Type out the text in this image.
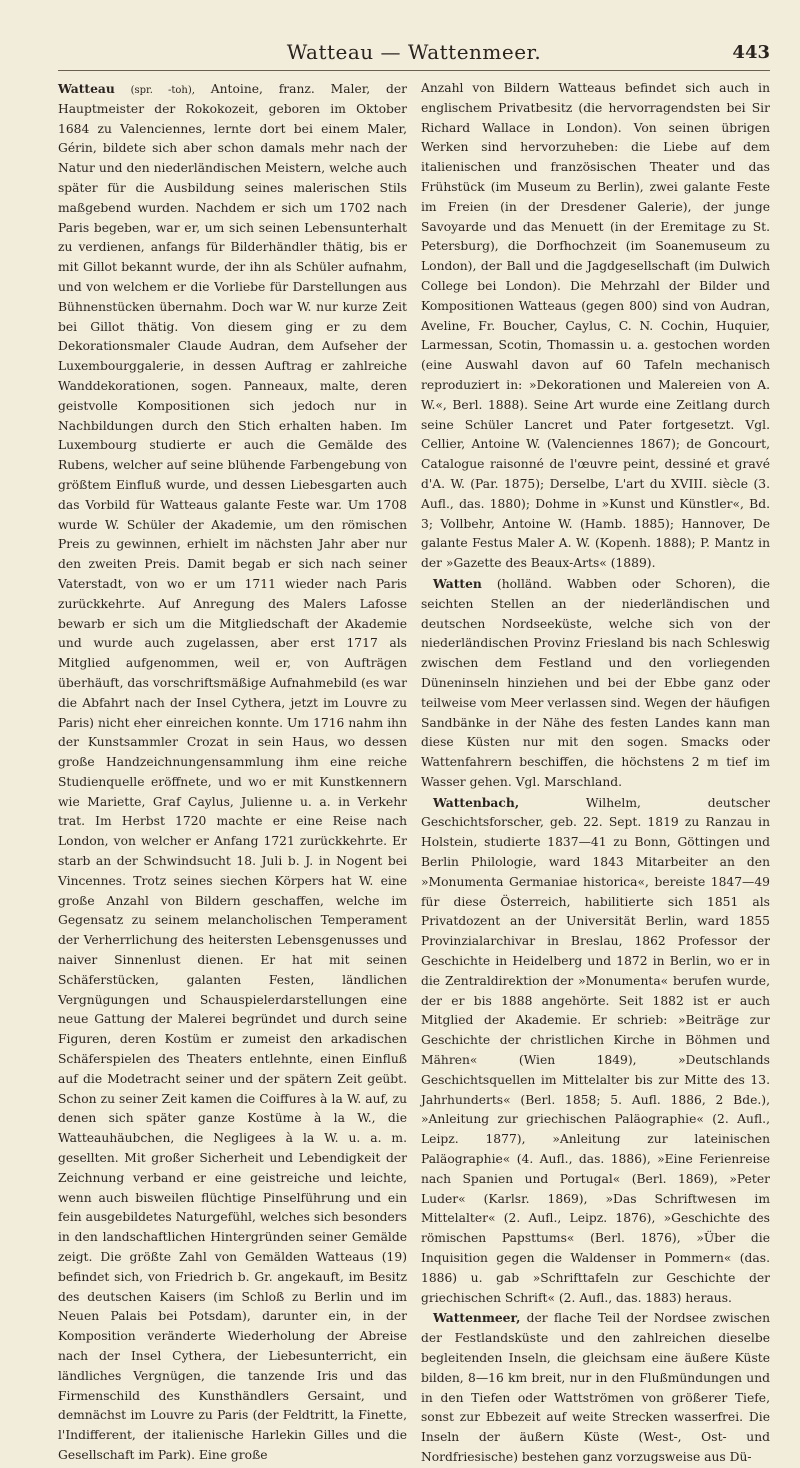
Watteau — Wattenmeer.	443

Watteau (spr. -toh), Antoine, franz. Maler, der Hauptmeister der Rokokozeit, geboren im Oktober 1684 zu Valenciennes, lernte dort bei einem Maler, Gérin, bildete sich aber schon damals mehr nach der Natur und den niederländischen Meistern, welche auch später für die Ausbildung seines malerischen Stils maßgebend wurden. Nachdem er sich um 1702 nach Paris begeben, war er, um sich seinen Lebensunterhalt zu verdienen, anfangs für Bilderhändler thätig, bis er mit Gillot bekannt wurde, der ihn als Schüler aufnahm, und von welchem er die Vorliebe für Darstellungen aus Bühnenstücken übernahm. Doch war W. nur kurze Zeit bei Gillot thätig. Von diesem ging er zu dem Dekorationsmaler Claude Audran, dem Aufseher der Luxembourggalerie, in dessen Auftrag er zahlreiche Wanddekorationen, sogen. Panneaux, malte, deren geistvolle Kompositionen sich jedoch nur in Nachbildungen durch den Stich erhalten haben. Im Luxembourg studierte er auch die Gemälde des Rubens, welcher auf seine blühende Farbengebung von größtem Einfluß wurde, und dessen Liebesgarten auch das Vorbild für Watteaus galante Feste war. Um 1708 wurde W. Schüler der Akademie, um den römischen Preis zu gewinnen, erhielt im nächsten Jahr aber nur den zweiten Preis. Damit begab er sich nach seiner Vaterstadt, von wo er um 1711 wieder nach Paris zurückkehrte. Auf Anregung des Malers Lafosse bewarb er sich um die Mitgliedschaft der Akademie und wurde auch zugelassen, aber erst 1717 als Mitglied aufgenommen, weil er, von Aufträgen überhäuft, das vorschriftsmäßige Aufnahmebild (es war die Abfahrt nach der Insel Cythera, jetzt im Louvre zu Paris) nicht eher einreichen konnte. Um 1716 nahm ihn der Kunstsammler Crozat in sein Haus, wo dessen große Handzeichnungensammlung ihm eine reiche Studienquelle eröffnete, und wo er mit Kunstkennern wie Mariette, Graf Caylus, Julienne u. a. in Verkehr trat. Im Herbst 1720 machte er eine Reise nach London, von welcher er Anfang 1721 zurückkehrte. Er starb an der Schwindsucht 18. Juli b. J. in Nogent bei Vincennes. Trotz seines siechen Körpers hat W. eine große Anzahl von Bildern geschaffen, welche im Gegensatz zu seinem melancholischen Temperament der Verherrlichung des heitersten Lebensgenusses und naiver Sinnenlust dienen. Er hat mit seinen Schäferstücken, galanten Festen, ländlichen Vergnügungen und Schauspielerdarstellungen eine neue Gattung der Malerei begründet und durch seine Figuren, deren Kostüm er zumeist den arkadischen Schäferspielen des Theaters entlehnte, einen Einfluß auf die Modetracht seiner und der spätern Zeit geübt. Schon zu seiner Zeit kamen die Coiffures à la W. auf, zu denen sich später ganze Kostüme à la W., die Watteauhäubchen, die Negligees à la W. u. a. m. gesellten. Mit großer Sicherheit und Lebendigkeit der Zeichnung verband er eine geistreiche und leichte, wenn auch bisweilen flüchtige Pinselführung und ein fein ausgebildetes Naturgefühl, welches sich besonders in den landschaftlichen Hintergründen seiner Gemälde zeigt. Die größte Zahl von Gemälden Watteaus (19) befindet sich, von Friedrich b. Gr. angekauft, im Besitz des deutschen Kaisers (im Schloß zu Berlin und im Neuen Palais bei Potsdam), darunter ein, in der Komposition veränderte Wiederholung der Abreise nach der Insel Cythera, der Liebesunterricht, ein ländliches Vergnügen, die tanzende Iris und das Firmenschild des Kunsthändlers Gersaint, und demnächst im Louvre zu Paris (der Feldtritt, la Finette, l'Indifferent, der italienische Harlekin Gilles und die Gesellschaft im Park). Eine große

Anzahl von Bildern Watteaus befindet sich auch in englischem Privatbesitz (die hervorragendsten bei Sir Richard Wallace in London). Von seinen übrigen Werken sind hervorzuheben: die Liebe auf dem italienischen und französischen Theater und das Frühstück (im Museum zu Berlin), zwei galante Feste im Freien (in der Dresdener Galerie), der junge Savoyarde und das Menuett (in der Eremitage zu St. Petersburg), die Dorfhochzeit (im Soanemuseum zu London), der Ball und die Jagdgesellschaft (im Dulwich College bei London). Die Mehrzahl der Bilder und Kompositionen Watteaus (gegen 800) sind von Audran, Aveline, Fr. Boucher, Caylus, C. N. Cochin, Huquier, Larmessan, Scotin, Thomassin u. a. gestochen worden (eine Auswahl davon auf 60 Tafeln mechanisch reproduziert in: »Dekorationen und Malereien von A. W.«, Berl. 1888). Seine Art wurde eine Zeitlang durch seine Schüler Lancret und Pater fortgesetzt. Vgl. Cellier, Antoine W. (Valenciennes 1867); de Goncourt, Catalogue raisonné de l'œuvre peint, dessiné et gravé d'A. W. (Par. 1875); Derselbe, L'art du XVIII. siècle (3. Aufl., das. 1880); Dohme in »Kunst und Künstler«, Bd. 3; Vollbehr, Antoine W. (Hamb. 1885); Hannover, De galante Festus Maler A. W. (Kopenh. 1888); P. Mantz in der »Gazette des Beaux-Arts« (1889).

Watten (holländ. Wabben oder Schoren), die seichten Stellen an der niederländischen und deutschen Nordseeküste, welche sich von der niederländischen Provinz Friesland bis nach Schleswig zwischen dem Festland und den vorliegenden Düneninseln hinziehen und bei der Ebbe ganz oder teilweise vom Meer verlassen sind. Wegen der häufigen Sandbänke in der Nähe des festen Landes kann man diese Küsten nur mit den sogen. Smacks oder Wattenfahrern beschiffen, die höchstens 2 m tief im Wasser gehen. Vgl. Marschland.

Wattenbach,	Wilhelm, deutscher Geschichtsforscher, geb. 22. Sept. 1819 zu Ranzau in Holstein, studierte 1837—41 zu Bonn, Göttingen und Berlin Philologie, ward 1843 Mitarbeiter an den »Monumenta Germaniae historica«, bereiste 1847—49 für diese Österreich, habilitierte sich 1851 als Privatdozent an der Universität Berlin, ward 1855 Provinzialarchivar in Breslau, 1862 Professor der Geschichte in Heidelberg und 1872 in Berlin, wo er in die Zentraldirektion der »Monumenta« berufen wurde, der er bis 1888 angehörte. Seit 1882 ist er auch Mitglied der Akademie. Er schrieb: »Beiträge zur Geschichte der christlichen Kirche in Böhmen und Mähren« (Wien 1849), »Deutschlands Geschichtsquellen im Mittelalter bis zur Mitte des 13. Jahrhunderts« (Berl. 1858; 5. Aufl. 1886, 2 Bde.), »Anleitung zur griechischen Paläographie« (2. Aufl., Leipz. 1877), »Anleitung zur lateinischen Paläographie« (4. Aufl., das. 1886), »Eine Ferienreise nach Spanien und Portugal« (Berl. 1869), »Peter Luder« (Karlsr. 1869), »Das Schriftwesen im Mittelalter« (2. Aufl., Leipz. 1876), »Geschichte des römischen Papsttums« (Berl. 1876), »Über die Inquisition gegen die Waldenser in Pommern« (das. 1886) u. gab »Schrifttafeln zur Geschichte der griechischen Schrift« (2. Aufl., das. 1883) heraus.

Wattenmeer, der flache Teil der Nordsee zwischen der Festlandsküste und den zahlreichen dieselbe begleitenden Inseln, die gleichsam eine äußere Küste bilden, 8—16 km breit, nur in den Flußmündungen und in den Tiefen oder Wattströmen von größerer Tiefe, sonst zur Ebbezeit auf weite Strecken wasserfrei. Die Inseln der äußern Küste (West-, Ost- und Nordfriesische) bestehen ganz vorzugsweise aus Dü-
